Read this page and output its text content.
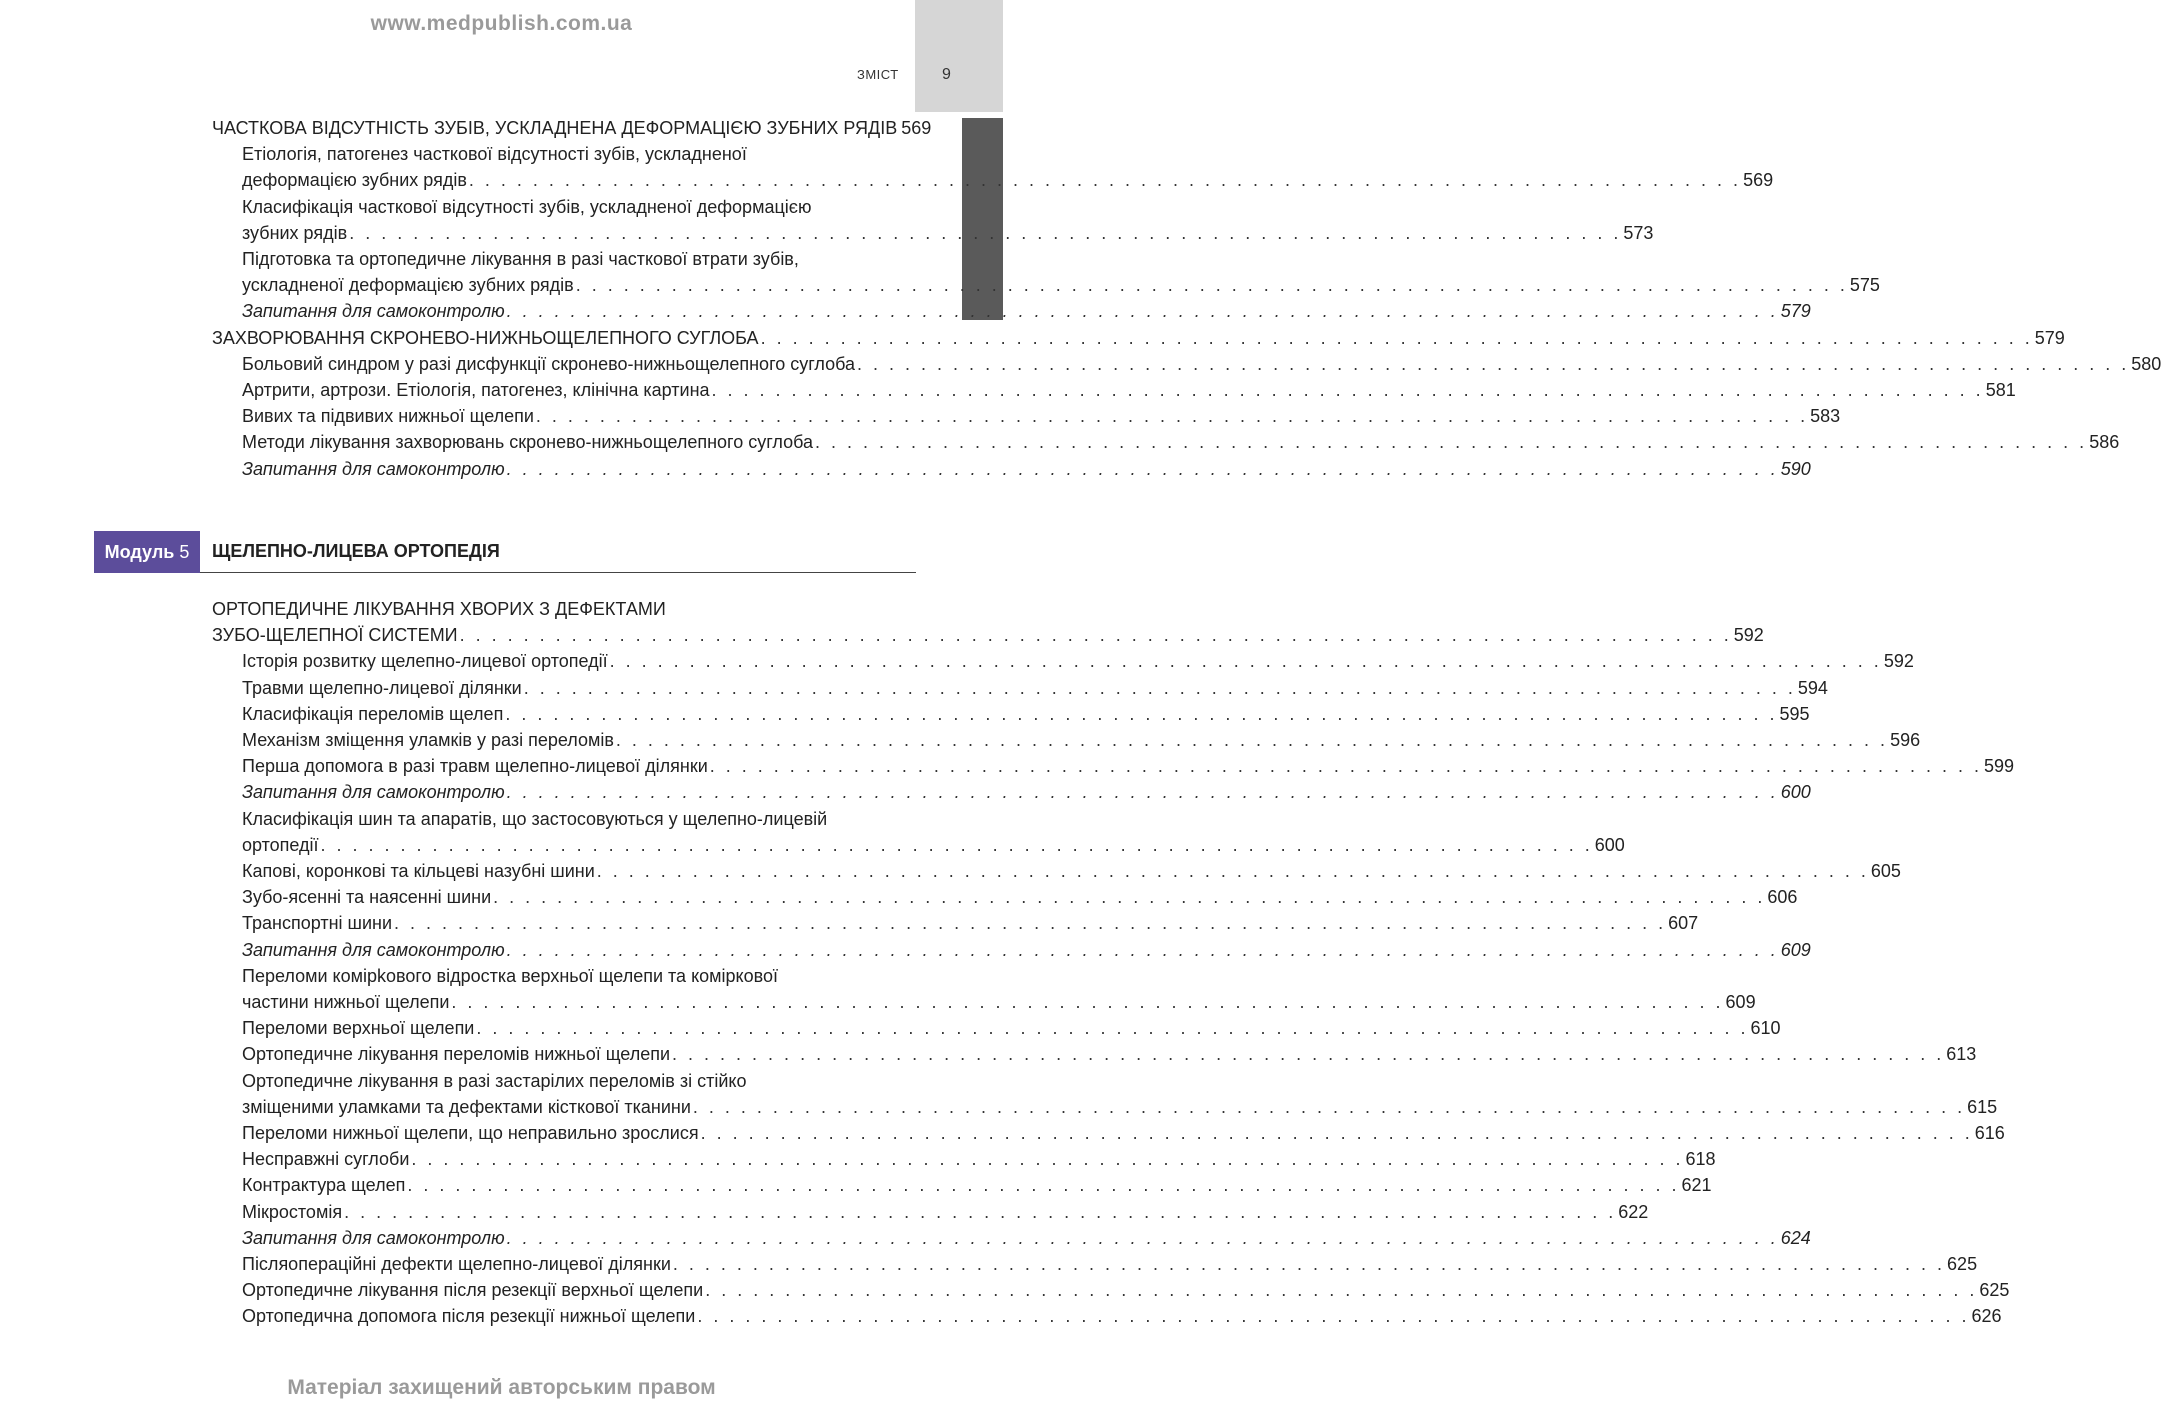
www.medpublish.com.ua
ЗМІСТ	9
ЧАСТКОВА ВІДСУТНІСТЬ ЗУБІВ, УСКЛАДНЕНА ДЕФОРМАЦІЄЮ ЗУБНИХ РЯДІВ 569
Етіологія, патогенез часткової відсутності зубів, ускладненої
деформацією зубних рядів . . . . . . . . . . . . . . . . . . . . . . . . . . . . . . . . . . . . . . . . . . . . . . . . . . . . . . . . . . . . . . . . . . . . . . . . . . . . . . . . 569
Класифікація часткової відсутності зубів, ускладненої деформацією
зубних рядів . . . . . . . . . . . . . . . . . . . . . . . . . . . . . . . . . . . . . . . . . . . . . . . . . . . . . . . . . . . . . . . . . . . . . . . . . . . . . . . . 573
Підготовка та ортопедичне лікування в разі часткової втрати зубів,
ускладненої деформацією зубних рядів . . . . . . . . . . . . . . . . . . . . . . . . . . . . . . . . . . . . . . . . . . . . . . . . . . . . . . . . . . . . . . . . . . . . . . . . . . . . . . . . 575
Запитання для самоконтролю . . . . . . . . . . . . . . . . . . . . . . . . . . . . . . . . . . . . . . . . . . . . . . . . . . . . . . . . . . . . . . . . . . . . . . . . . . . . . . . . 579
ЗАХВОРЮВАННЯ СКРОНЕВО-НИЖНЬОЩЕЛЕПНОГО СУГЛОБА . . . . . . . . . . . . . . . . . . . . . . . . . . . . . . . . . . . . . . . . . . . . . . . . . . . . . . . . . . . . . . . . . . . . . . . . . . . . . . . . 579
Больовий синдром у разі дисфункції скронево-нижньощелепного суглоба . . . . . . . . . . . . . . . . . . . . . . . . . . . . . . . . . . . . . . . . . . . . . . . . . . . . . . . . . . . . . . . . . . . . . . . . . . . . . . . . 580
Артрити, артрози. Етіологія, патогенез, клінічна картина . . . . . . . . . . . . . . . . . . . . . . . . . . . . . . . . . . . . . . . . . . . . . . . . . . . . . . . . . . . . . . . . . . . . . . . . . . . . . . . . 581
Вивих та підвивих нижньої щелепи . . . . . . . . . . . . . . . . . . . . . . . . . . . . . . . . . . . . . . . . . . . . . . . . . . . . . . . . . . . . . . . . . . . . . . . . . . . . . . . . 583
Методи лікування захворювань скронево-нижньощелепного суглоба . . . . . . . . . . . . . . . . . . . . . . . . . . . . . . . . . . . . . . . . . . . . . . . . . . . . . . . . . . . . . . . . . . . . . . . . . . . . . . . . 586
Запитання для самоконтролю . . . . . . . . . . . . . . . . . . . . . . . . . . . . . . . . . . . . . . . . . . . . . . . . . . . . . . . . . . . . . . . . . . . . . . . . . . . . . . . . 590
Модуль 5 ЩЕЛЕПНО-ЛИЦЕВА ОРТОПЕДІЯ
ОРТОПЕДИЧНЕ ЛІКУВАННЯ ХВОРИХ З ДЕФЕКТАМИ
ЗУБО-ЩЕЛЕПНОЇ СИСТЕМИ . . . . . . . . . . . . . . . . . . . . . . . . . . . . . . . . . . . . . . . . . . . . . . . . . . . . . . . . . . . . . . . . . . . . . . . . . . . . . . . . 592
Історія розвитку щелепно-лицевої ортопедії . . . . . . . . . . . . . . . . . . . . . . . . . . . . . . . . . . . . . . . . . . . . . . . . . . . . . . . . . . . . . . . . . . . . . . . . . . . . . . . . 592
Травми щелепно-лицевої ділянки . . . . . . . . . . . . . . . . . . . . . . . . . . . . . . . . . . . . . . . . . . . . . . . . . . . . . . . . . . . . . . . . . . . . . . . . . . . . . . . . 594
Класифікація переломів щелеп . . . . . . . . . . . . . . . . . . . . . . . . . . . . . . . . . . . . . . . . . . . . . . . . . . . . . . . . . . . . . . . . . . . . . . . . . . . . . . . . 595
Механізм зміщення уламків у разі переломів . . . . . . . . . . . . . . . . . . . . . . . . . . . . . . . . . . . . . . . . . . . . . . . . . . . . . . . . . . . . . . . . . . . . . . . . . . . . . . . . 596
Перша допомога в разі травм щелепно-лицевої ділянки . . . . . . . . . . . . . . . . . . . . . . . . . . . . . . . . . . . . . . . . . . . . . . . . . . . . . . . . . . . . . . . . . . . . . . . . . . . . . . . . 599
Запитання для самоконтролю . . . . . . . . . . . . . . . . . . . . . . . . . . . . . . . . . . . . . . . . . . . . . . . . . . . . . . . . . . . . . . . . . . . . . . . . . . . . . . . . 600
Класифікація шин та апаратів, що застосовуються у щелепно-лицевій
ортопедії . . . . . . . . . . . . . . . . . . . . . . . . . . . . . . . . . . . . . . . . . . . . . . . . . . . . . . . . . . . . . . . . . . . . . . . . . . . . . . . . 600
Капові, коронкові та кільцеві назубні шини . . . . . . . . . . . . . . . . . . . . . . . . . . . . . . . . . . . . . . . . . . . . . . . . . . . . . . . . . . . . . . . . . . . . . . . . . . . . . . . . 605
Зубо-ясенні та наясенні шини . . . . . . . . . . . . . . . . . . . . . . . . . . . . . . . . . . . . . . . . . . . . . . . . . . . . . . . . . . . . . . . . . . . . . . . . . . . . . . . . 606
Транспортні шини . . . . . . . . . . . . . . . . . . . . . . . . . . . . . . . . . . . . . . . . . . . . . . . . . . . . . . . . . . . . . . . . . . . . . . . . . . . . . . . . 607
Запитання для самоконтролю . . . . . . . . . . . . . . . . . . . . . . . . . . . . . . . . . . . . . . . . . . . . . . . . . . . . . . . . . . . . . . . . . . . . . . . . . . . . . . . . 609
Переломи комірkового відростка верхньої щелепи та коміркової
частини нижньої щелепи . . . . . . . . . . . . . . . . . . . . . . . . . . . . . . . . . . . . . . . . . . . . . . . . . . . . . . . . . . . . . . . . . . . . . . . . . . . . . . . . 609
Переломи верхньої щелепи . . . . . . . . . . . . . . . . . . . . . . . . . . . . . . . . . . . . . . . . . . . . . . . . . . . . . . . . . . . . . . . . . . . . . . . . . . . . . . . . 610
Ортопедичне лікування переломів нижньої щелепи . . . . . . . . . . . . . . . . . . . . . . . . . . . . . . . . . . . . . . . . . . . . . . . . . . . . . . . . . . . . . . . . . . . . . . . . . . . . . . . . 613
Ортопедичне лікування в разі застарілих переломів зі стійко
зміщеними уламками та дефектами кісткової тканини . . . . . . . . . . . . . . . . . . . . . . . . . . . . . . . . . . . . . . . . . . . . . . . . . . . . . . . . . . . . . . . . . . . . . . . . . . . . . . . . 615
Переломи нижньої щелепи, що неправильно зрослися . . . . . . . . . . . . . . . . . . . . . . . . . . . . . . . . . . . . . . . . . . . . . . . . . . . . . . . . . . . . . . . . . . . . . . . . . . . . . . . . 616
Несправжні суглоби . . . . . . . . . . . . . . . . . . . . . . . . . . . . . . . . . . . . . . . . . . . . . . . . . . . . . . . . . . . . . . . . . . . . . . . . . . . . . . . . 618
Контрактура щелеп . . . . . . . . . . . . . . . . . . . . . . . . . . . . . . . . . . . . . . . . . . . . . . . . . . . . . . . . . . . . . . . . . . . . . . . . . . . . . . . . 621
Мікростомія . . . . . . . . . . . . . . . . . . . . . . . . . . . . . . . . . . . . . . . . . . . . . . . . . . . . . . . . . . . . . . . . . . . . . . . . . . . . . . . . 622
Запитання для самоконтролю . . . . . . . . . . . . . . . . . . . . . . . . . . . . . . . . . . . . . . . . . . . . . . . . . . . . . . . . . . . . . . . . . . . . . . . . . . . . . . . . 624
Післяопераційні дефекти щелепно-лицевої ділянки . . . . . . . . . . . . . . . . . . . . . . . . . . . . . . . . . . . . . . . . . . . . . . . . . . . . . . . . . . . . . . . . . . . . . . . . . . . . . . . . 625
Ортопедичне лікування після резекції верхньої щелепи . . . . . . . . . . . . . . . . . . . . . . . . . . . . . . . . . . . . . . . . . . . . . . . . . . . . . . . . . . . . . . . . . . . . . . . . . . . . . . . . 625
Ортопедична допомога після резекції нижньої щелепи . . . . . . . . . . . . . . . . . . . . . . . . . . . . . . . . . . . . . . . . . . . . . . . . . . . . . . . . . . . . . . . . . . . . . . . . . . . . . . . . 626
Матеріал захищений авторським правом
